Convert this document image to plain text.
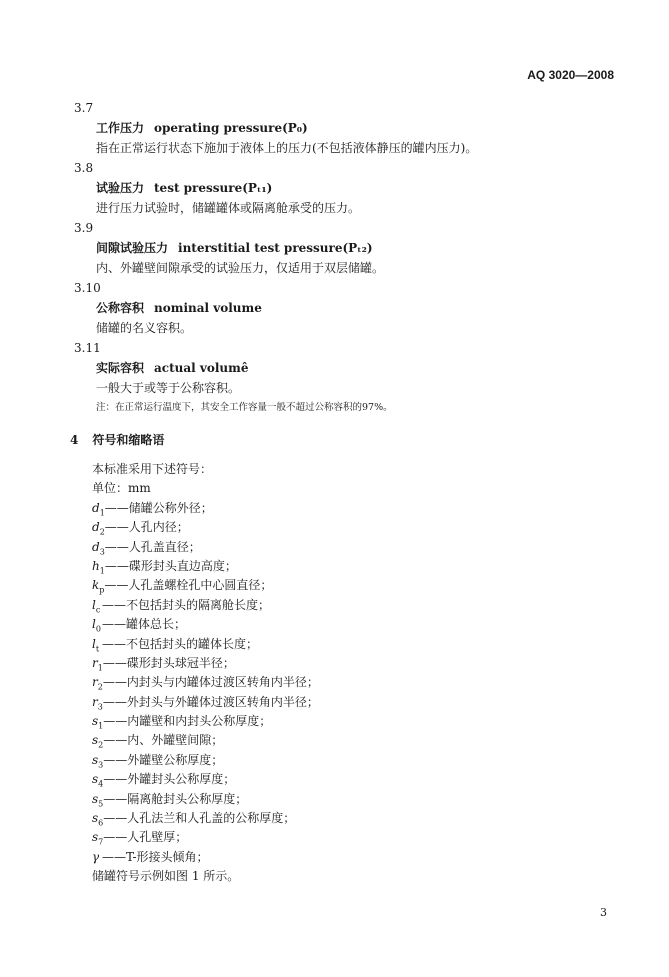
AQ 3020—2008
3.7
工作压力 operating pressure(P₀)
指在正常运行状态下施加于液体上的压力(不包括液体静压的罐内压力)。
3.8
试验压力 test pressure(Pₜ₁)
进行压力试验时，储罐罐体或隔离舱承受的压力。
3.9
间隙试验压力 interstitial test pressure(Pₜ₂)
内、外罐壁间隙承受的试验压力，仅适用于双层储罐。
3.10
公称容积 nominal volume
储罐的名义容积。
3.11
实际容积 actual volumê
一般大于或等于公称容积。
注：在正常运行温度下，其安全工作容量一般不超过公称容积的97%。
4 符号和缩略语
本标准采用下述符号：
单位：mm
$d_1——$储罐公称外径；
$d_2——$人孔内径；
$d_3——$人孔盖直径；
$h_1——$碟形封头直边高度；
$k_p——$人孔盖螺栓孔中心圆直径；
$l_c$ ——不包括封头的隔离舱长度；
$l_0——$罐体总长；
$l_t$ ——不包括封头的罐体长度；
$r_1——$碟形封头球冠半径；
$r_2——$内封头与内罐体过渡区转角内半径；
$r_3——$外封头与外罐体过渡区转角内半径；
$s_1——$内罐壁和内封头公称厚度；
$s_2——$内、外罐壁间隙；
$s_3——$外罐壁公称厚度；
$s_4——$外罐封头公称厚度；
$s_5——$隔离舱封头公称厚度；
$s_6——$人孔法兰和人孔盖的公称厚度；
$s_7——$人孔壁厚；
γ ——T-形接头倾角；
储罐符号示例如图 1 所示。
3
